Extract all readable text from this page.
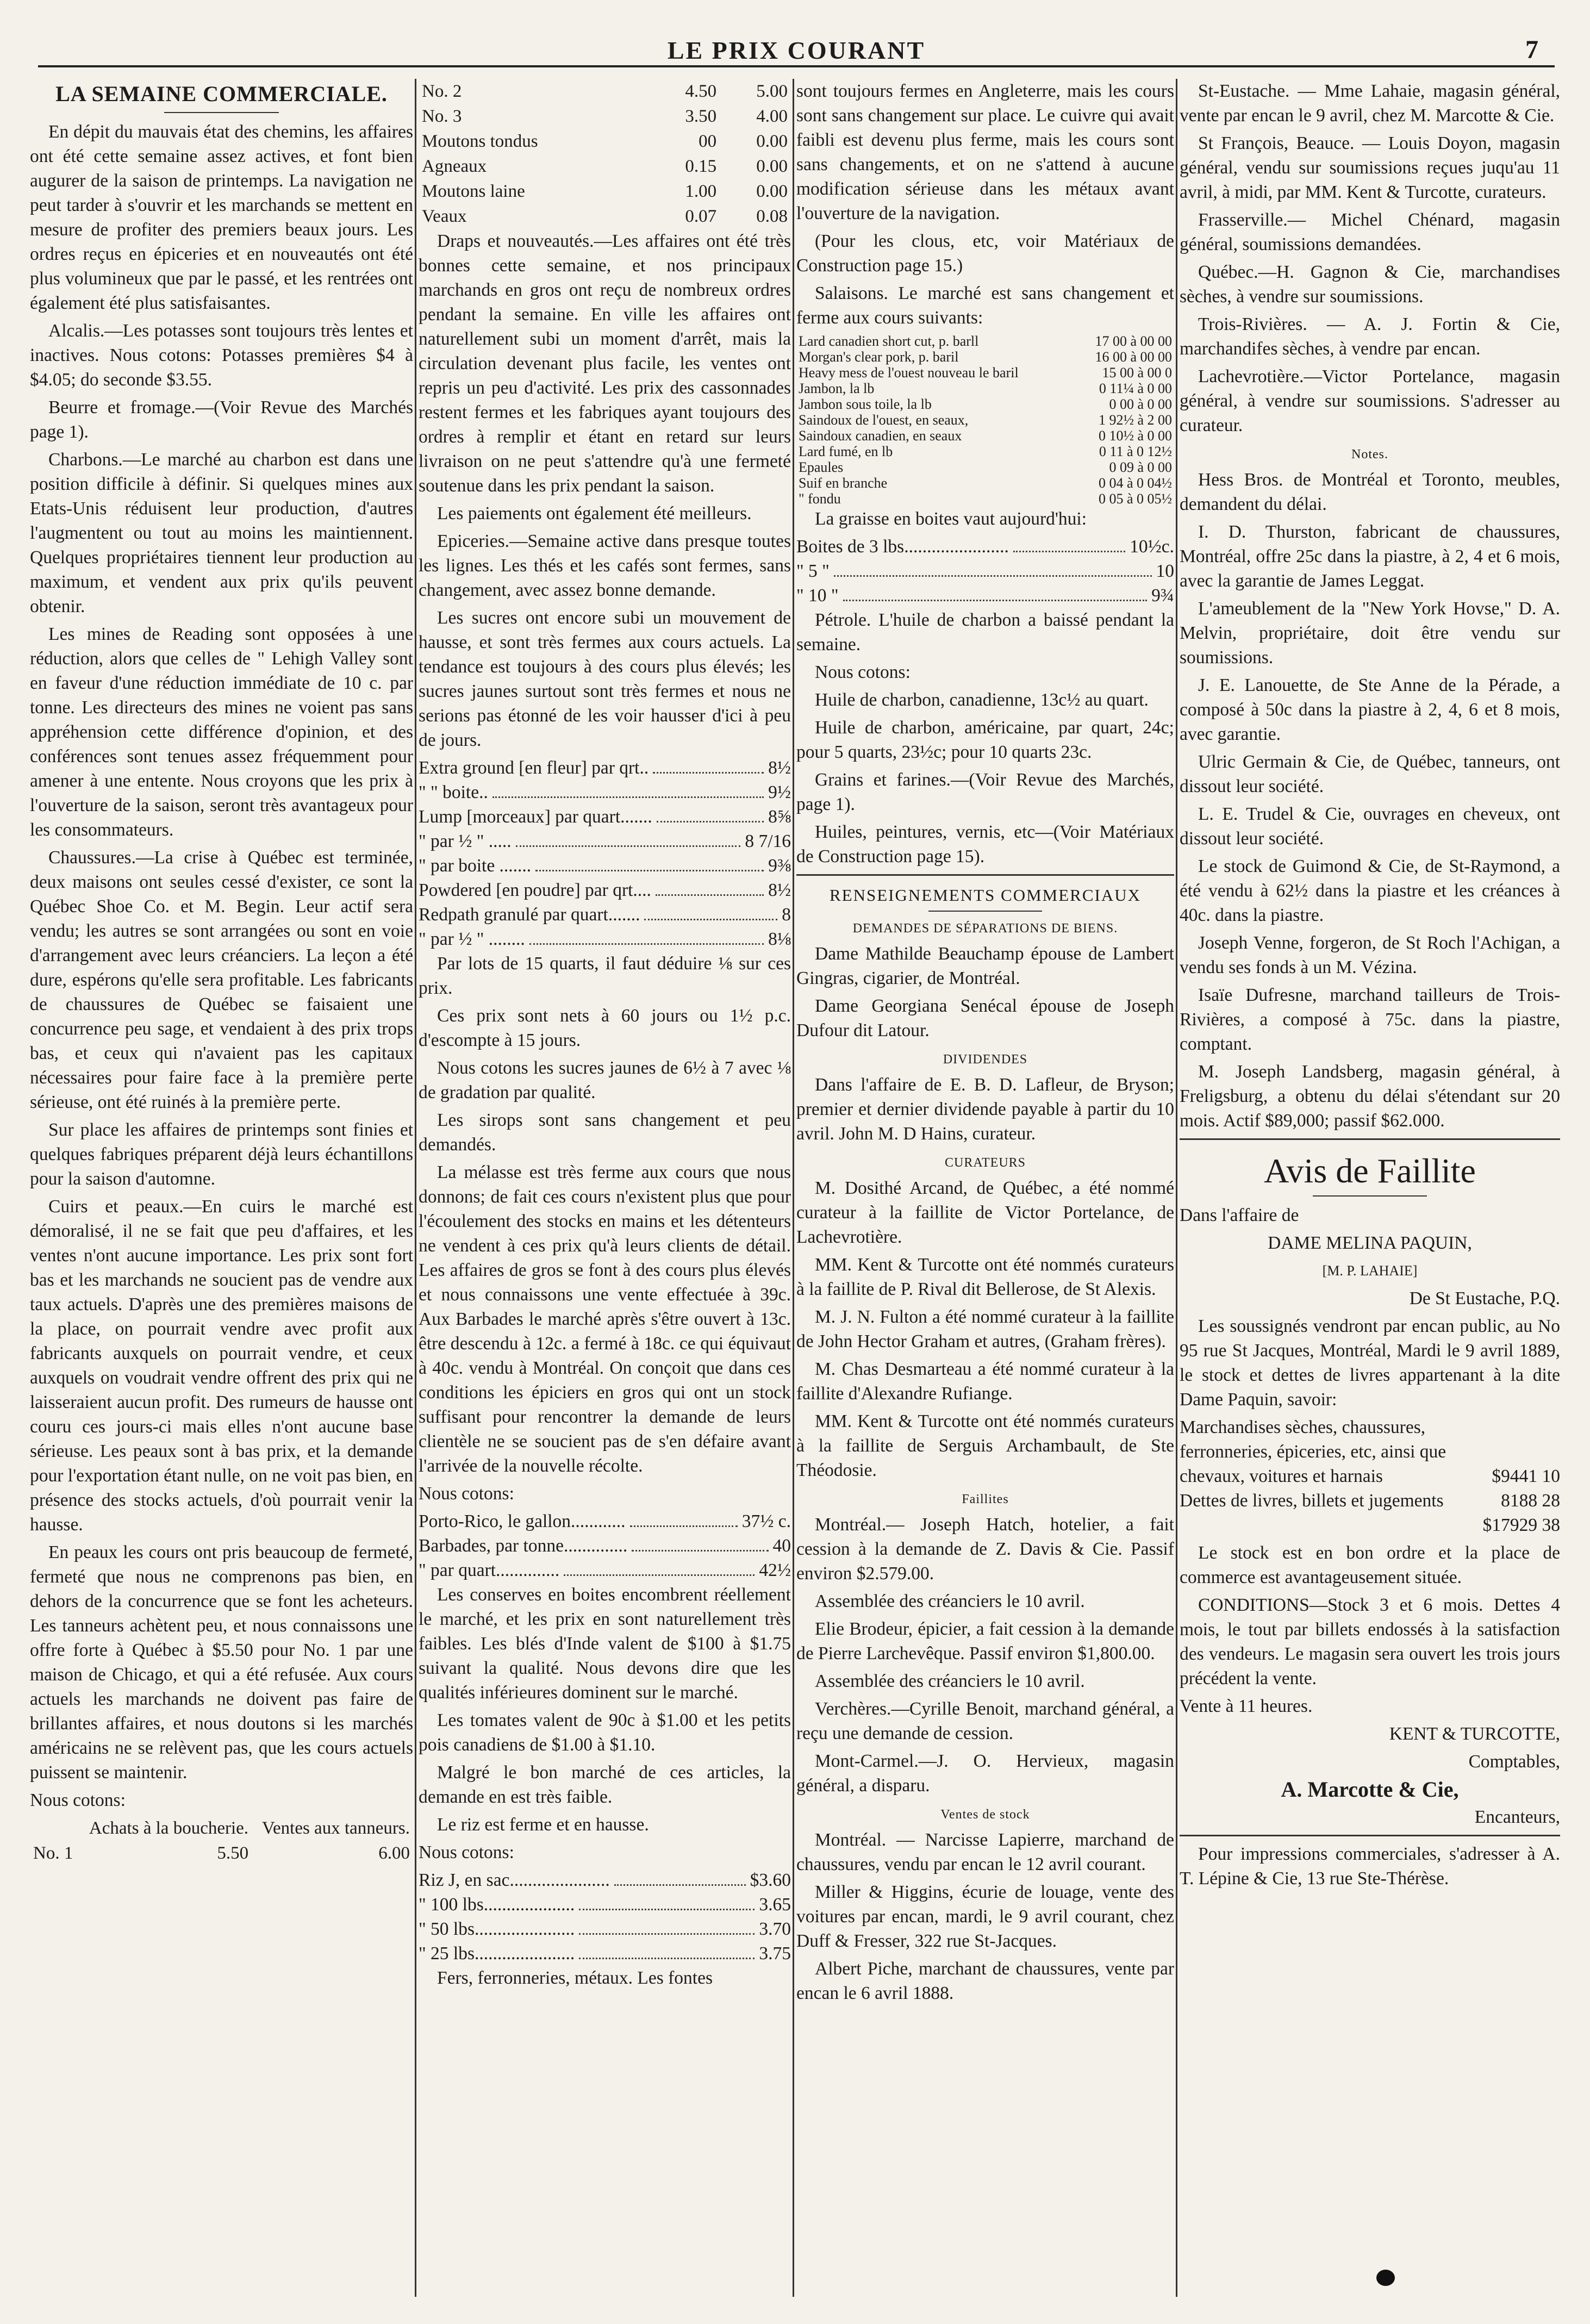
LE PRIX COURANT	7
LA SEMAINE COMMERCIALE.

En dépit du mauvais état des chemins, les affaires ont été cette semaine assez actives, et font bien augurer de la saison de printemps. La navigation ne peut tarder à s'ouvrir et les marchands se mettent en mesure de profiter des premiers beaux jours. Les ordres reçus en épiceries et en nouveautés ont été plus volumineux que par le passé, et les rentrées ont également été plus satisfaisantes.

Alcalis.—Les potasses sont toujours très lentes et inactives. Nous cotons: Potasses premières $4 à $4.05; do seconde $3.55.

Beurre et fromage.—(Voir Revue des Marchés page 1).

Charbons.—Le marché au charbon est dans une position difficile à définir. Si quelques mines aux Etats-Unis réduisent leur production, d'autres l'augmentent ou tout au moins les maintiennent. Quelques propriétaires tiennent leur production au maximum, et vendent aux prix qu'ils peuvent obtenir.

Les mines de Reading sont opposées à une réduction, alors que celles de " Lehigh Valley sont en faveur d'une réduction immédiate de 10 c. par tonne. Les directeurs des mines ne voient pas sans appréhension cette différence d'opinion, et des conférences sont tenues assez fréquemment pour amener à une entente. Nous croyons que les prix à l'ouverture de la saison, seront très avantageux pour les consommateurs.

Chaussures.—La crise à Québec est terminée, deux maisons ont seules cessé d'exister, ce sont la Québec Shoe Co. et M. Begin. Leur actif sera vendu; les autres se sont arrangées ou sont en voie d'arrangement avec leurs créanciers. La leçon a été dure, espérons qu'elle sera profitable. Les fabricants de chaussures de Québec se faisaient une concurrence peu sage, et vendaient à des prix trops bas, et ceux qui n'avaient pas les capitaux nécessaires pour faire face à la première perte sérieuse, ont été ruinés à la première perte.

Sur place les affaires de printemps sont finies et quelques fabriques préparent déjà leurs échantillons pour la saison d'automne.

Cuirs et peaux.—En cuirs le marché est démoralisé, il ne se fait que peu d'affaires, et les ventes n'ont aucune importance. Les prix sont fort bas et les marchands ne soucient pas de vendre aux taux actuels. D'après une des premières maisons de la place, on pourrait vendre avec profit aux fabricants auxquels on pourrait vendre, et ceux auxquels on voudrait vendre offrent des prix qui ne laisseraient aucun profit. Des rumeurs de hausse ont couru ces jours-ci mais elles n'ont aucune base sérieuse. Les peaux sont à bas prix, et la demande pour l'exportation étant nulle, on ne voit pas bien, en présence des stocks actuels, d'où pourrait venir la hausse.

En peaux les cours ont pris beaucoup de fermeté, fermeté que nous ne comprenons pas bien, en dehors de la concurrence que se font les acheteurs. Les tanneurs achètent peu, et nous connaissons une offre forte à Québec à $5.50 pour No. 1 par une maison de Chicago, et qui a été refusée. Aux cours actuels les marchands ne doivent pas faire de brillantes affaires, et nous doutons si les marchés américains ne se relèvent pas, que les cours actuels puissent se maintenir.

Nous cotons:

	Achats à la boucherie.	Ventes aux tanneurs.
No. 1	5.50	6.00
No. 2	4.50	5.00
No. 3	3.50	4.00
Moutons tondus	00	0.00
Agneaux	0.15	0.00
Moutons laine	1.00	0.00
Veaux	0.07	0.08

Draps et nouveautés.—Les affaires ont été très bonnes cette semaine, et nos principaux marchands en gros ont reçu de nombreux ordres pendant la semaine. En ville les affaires ont naturellement subi un moment d'arrêt, mais la circulation devenant plus facile, les ventes ont repris un peu d'activité. Les prix des cassonnades restent fermes et les fabriques ayant toujours des ordres à remplir et étant en retard sur leurs livraison on ne peut s'attendre qu'à une fermeté soutenue dans les prix pendant la saison.

Les paiements ont également été meilleurs.

Epiceries.—Semaine active dans presque toutes les lignes. Les thés et les cafés sont fermes, sans changement, avec assez bonne demande.

Les sucres ont encore subi un mouvement de hausse, et sont très fermes aux cours actuels. La tendance est toujours à des cours plus élevés; les sucres jaunes surtout sont très fermes et nous ne serions pas étonné de les voir hausser d'ici à peu de jours.

Extra ground [en fleur] par qrt..	8½
" " boite..	9½
Lump [morceaux] par quart.......	8⅝
" par ½ " .....	8 7/16
" par boite .......	9⅜
Powdered [en poudre] par qrt....	8½
Redpath granulé par quart.......	8
" par ½ " ........	8⅛

Par lots de 15 quarts, il faut déduire ⅛ sur ces prix.

Ces prix sont nets à 60 jours ou 1½ p.c. d'escompte à 15 jours.

Nous cotons les sucres jaunes de 6½ à 7 avec ⅛ de gradation par qualité.

Les sirops sont sans changement et peu demandés.

La mélasse est très ferme aux cours que nous donnons; de fait ces cours n'existent plus que pour l'écoulement des stocks en mains et les détenteurs ne vendent à ces prix qu'à leurs clients de détail. Les affaires de gros se font à des cours plus élevés et nous connaissons une vente effectuée à 39c. Aux Barbades le marché après s'être ouvert à 13c. être descendu à 12c. a fermé à 18c. ce qui équivaut à 40c. vendu à Montréal. On conçoit que dans ces conditions les épiciers en gros qui ont un stock suffisant pour rencontrer la demande de leurs clientèle ne se soucient pas de s'en défaire avant l'arrivée de la nouvelle récolte.

Nous cotons:

Porto-Rico, le gallon............	37½ c.
Barbades, par tonne..............	40
" par quart..............	42½

Les conserves en boites encombrent réellement le marché, et les prix en sont naturellement très faibles. Les blés d'Inde valent de $100 à $1.75 suivant la qualité. Nous devons dire que les qualités inférieures dominent sur le marché.

Les tomates valent de 90c à $1.00 et les petits pois canadiens de $1.00 à $1.10.

Malgré le bon marché de ces articles, la demande en est très faible.

Le riz est ferme et en hausse.

Nous cotons:

Riz J, en sac......................	$3.60
" 100 lbs....................	3.65
" 50 lbs......................	3.70
" 25 lbs......................	3.75

Fers, ferronneries, métaux. Les fontes

sont toujours fermes en Angleterre, mais les cours sont sans changement sur place. Le cuivre qui avait faibli est devenu plus ferme, mais les cours sont sans changements, et on ne s'attend à aucune modification sérieuse dans les métaux avant l'ouverture de la navigation.

(Pour les clous, etc, voir Matériaux de Construction page 15.)

Salaisons. Le marché est sans changement et ferme aux cours suivants:

Lard canadien short cut, p. barll	17 00 à 00 00
Morgan's clear pork, p. baril	16 00 à 00 00
Heavy mess de l'ouest nouveau le baril	15 00 à 00 0
Jambon, la lb	0 11¼ à 0 00
Jambon sous toile, la lb	0 00 à 0 00
Saindoux de l'ouest, en seaux,	1 92½ à 2 00
Saindoux canadien, en seaux	0 10½ à 0 00
Lard fumé, en lb	0 11 à 0 12½
Epaules	0 09 à 0 00
Suif en branche	0 04 à 0 04½
" fondu	0 05 à 0 05½

La graisse en boites vaut aujourd'hui:

Boites de 3 lbs.......................	10½c.
" 5 "	10
" 10 "	9¾

Pétrole. L'huile de charbon a baissé pendant la semaine.

Nous cotons:

Huile de charbon, canadienne, 13c½ au quart.

Huile de charbon, américaine, par quart, 24c; pour 5 quarts, 23½c; pour 10 quarts 23c.

Grains et farines.—(Voir Revue des Marchés, page 1).

Huiles, peintures, vernis, etc—(Voir Matériaux de Construction page 15).

RENSEIGNEMENTS COMMERCIAUX
DEMANDES DE SÉPARATIONS DE BIENS.

Dame Mathilde Beauchamp épouse de Lambert Gingras, cigarier, de Montréal.

Dame Georgiana Senécal épouse de Joseph Dufour dit Latour.

DIVIDENDES

Dans l'affaire de E. B. D. Lafleur, de Bryson; premier et dernier dividende payable à partir du 10 avril. John M. D Hains, curateur.

CURATEURS

M. Dosithé Arcand, de Québec, a été nommé curateur à la faillite de Victor Portelance, de Lachevrotière.

MM. Kent & Turcotte ont été nommés curateurs à la faillite de P. Rival dit Bellerose, de St Alexis.

M. J. N. Fulton a été nommé curateur à la faillite de John Hector Graham et autres, (Graham frères).

M. Chas Desmarteau a été nommé curateur à la faillite d'Alexandre Rufiange.

MM. Kent & Turcotte ont été nommés curateurs à la faillite de Serguis Archambault, de Ste Théodosie.

Faillites

Montréal.— Joseph Hatch, hotelier, a fait cession à la demande de Z. Davis & Cie. Passif environ $2.579.00.

Assemblée des créanciers le 10 avril.

Elie Brodeur, épicier, a fait cession à la demande de Pierre Larchevêque. Passif environ $1,800.00.

Assemblée des créanciers le 10 avril.

Verchères.—Cyrille Benoit, marchand général, a reçu une demande de cession.

Mont-Carmel.—J. O. Hervieux, magasin général, a disparu.

Ventes de stock

Montréal. — Narcisse Lapierre, marchand de chaussures, vendu par encan le 12 avril courant.

Miller & Higgins, écurie de louage, vente des voitures par encan, mardi, le 9 avril courant, chez Duff & Fresser, 322 rue St-Jacques.

Albert Piche, marchant de chaussures, vente par encan le 6 avril 1888.

St-Eustache. — Mme Lahaie, magasin général, vente par encan le 9 avril, chez M. Marcotte & Cie.

St François, Beauce. — Louis Doyon, magasin général, vendu sur soumissions reçues juqu'au 11 avril, à midi, par MM. Kent & Turcotte, curateurs.

Frasserville.— Michel Chénard, magasin général, soumissions demandées.

Québec.—H. Gagnon & Cie, marchandises sèches, à vendre sur soumissions.

Trois-Rivières. — A. J. Fortin & Cie, marchandifes sèches, à vendre par encan.

Lachevrotière.—Victor Portelance, magasin général, à vendre sur soumissions. S'adresser au curateur.

Notes.

Hess Bros. de Montréal et Toronto, meubles, demandent du délai.

I. D. Thurston, fabricant de chaussures, Montréal, offre 25c dans la piastre, à 2, 4 et 6 mois, avec la garantie de James Leggat.

L'ameublement de la "New York Hovse," D. A. Melvin, propriétaire, doit être vendu sur soumissions.

J. E. Lanouette, de Ste Anne de la Pérade, a composé à 50c dans la piastre à 2, 4, 6 et 8 mois, avec garantie.

Ulric Germain & Cie, de Québec, tanneurs, ont dissout leur société.

L. E. Trudel & Cie, ouvrages en cheveux, ont dissout leur société.

Le stock de Guimond & Cie, de St-Raymond, a été vendu à 62½ dans la piastre et les créances à 40c. dans la piastre.

Joseph Venne, forgeron, de St Roch l'Achigan, a vendu ses fonds à un M. Vézina.

Isaïe Dufresne, marchand tailleurs de Trois-Rivières, a composé à 75c. dans la piastre, comptant.

M. Joseph Landsberg, magasin général, à Freligsburg, a obtenu du délai s'étendant sur 20 mois. Actif $89,000; passif $62.000.

Avis de Faillite

Dans l'affaire de

DAME MELINA PAQUIN,

[M. P. LAHAIE]

De St Eustache, P.Q.

Les soussignés vendront par encan public, au No 95 rue St Jacques, Montréal, Mardi le 9 avril 1889, le stock et dettes de livres appartenant à la dite Dame Paquin, savoir:

Marchandises sèches, chaussures, ferronneries, épiceries, etc, ainsi que chevaux, voitures et harnais	$9441 10
Dettes de livres, billets et jugements	8188 28

$17929 38

Le stock est en bon ordre et la place de commerce est avantageusement située.

CONDITIONS—Stock 3 et 6 mois. Dettes 4 mois, le tout par billets endossés à la satisfaction des vendeurs. Le magasin sera ouvert les trois jours précédent la vente.

Vente à 11 heures.

KENT & TURCOTTE,

Comptables,

A. Marcotte & Cie,

Encanteurs,

Pour impressions commerciales, s'adresser à A. T. Lépine & Cie, 13 rue Ste-Thérèse.
